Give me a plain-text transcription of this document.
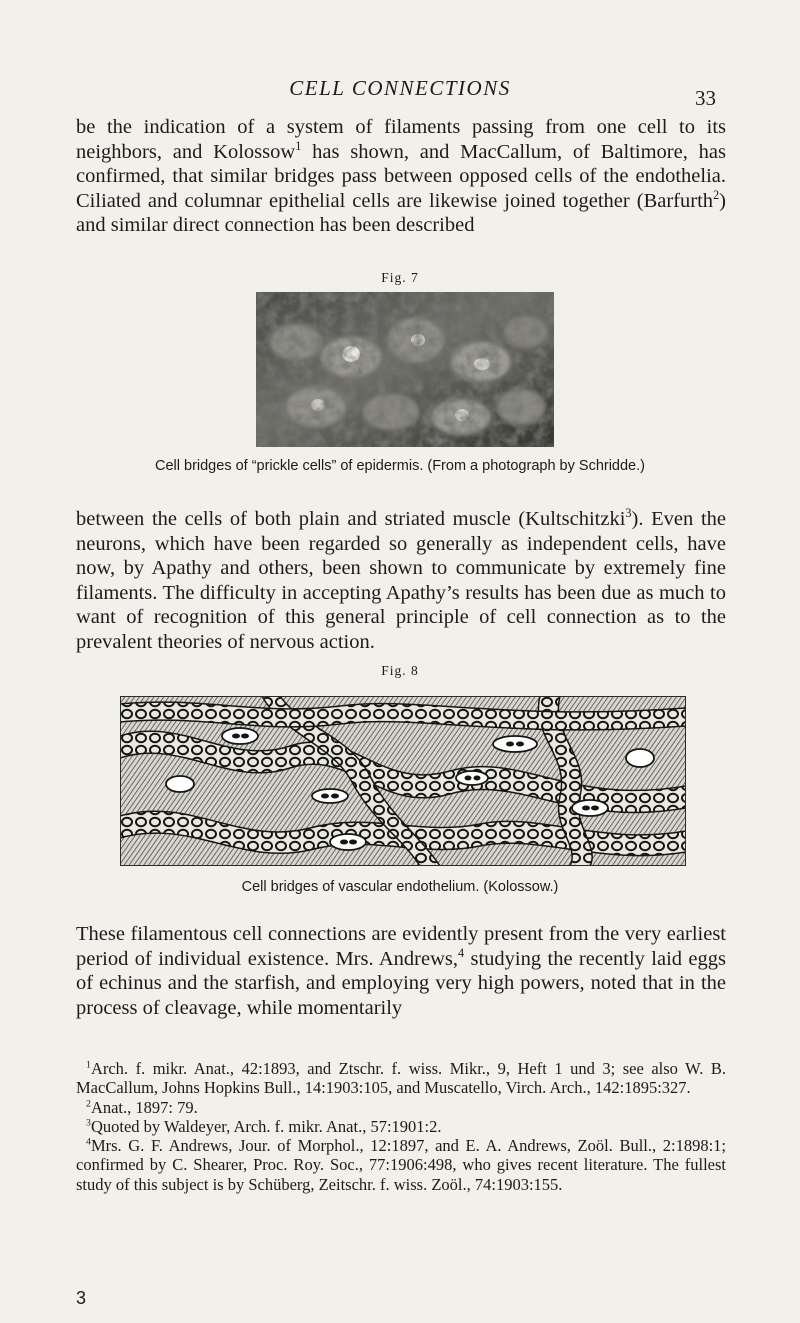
CELL CONNECTIONS	33

be the indication of a system of filaments passing from one cell to its neighbors, and Kolossow$^1$ has shown, and MacCallum, of Baltimore, has confirmed, that similar bridges pass between opposed cells of the endothelia. Ciliated and columnar epithelial cells are likewise joined together (Barfurth$^2$) and similar direct connection has been described

Fig. 7
Cell bridges of “prickle cells” of epidermis. (From a photograph by Schridde.)

between the cells of both plain and striated muscle (Kultschitzki$^3$). Even the neurons, which have been regarded so generally as independent cells, have now, by Apathy and others, been shown to communicate by extremely fine filaments. The difficulty in accepting Apathy’s results has been due as much to want of recognition of this general principle of cell connection as to the prevalent theories of nervous action.

Fig. 8
Cell bridges of vascular endothelium. (Kolossow.)

These filamentous cell connections are evidently present from the very earliest period of individual existence. Mrs. Andrews,$^4$ studying the recently laid eggs of echinus and the starfish, and employing very high powers, noted that in the process of cleavage, while momentarily

$^1$Arch. f. mikr. Anat., 42:1893, and Ztschr. f. wiss. Mikr., 9, Heft 1 und 3; see also W. B. MacCallum, Johns Hopkins Bull., 14:1903:105, and Muscatello, Virch. Arch., 142:1895:327.

$^2$Anat., 1897: 79.

$^3$Quoted by Waldeyer, Arch. f. mikr. Anat., 57:1901:2.

$^4$Mrs. G. F. Andrews, Jour. of Morphol., 12:1897, and E. A. Andrews, Zoöl. Bull., 2:1898:1; confirmed by C. Shearer, Proc. Roy. Soc., 77:1906:498, who gives recent literature. The fullest study of this subject is by Schüberg, Zeitschr. f. wiss. Zoöl., 74:1903:155.

3
